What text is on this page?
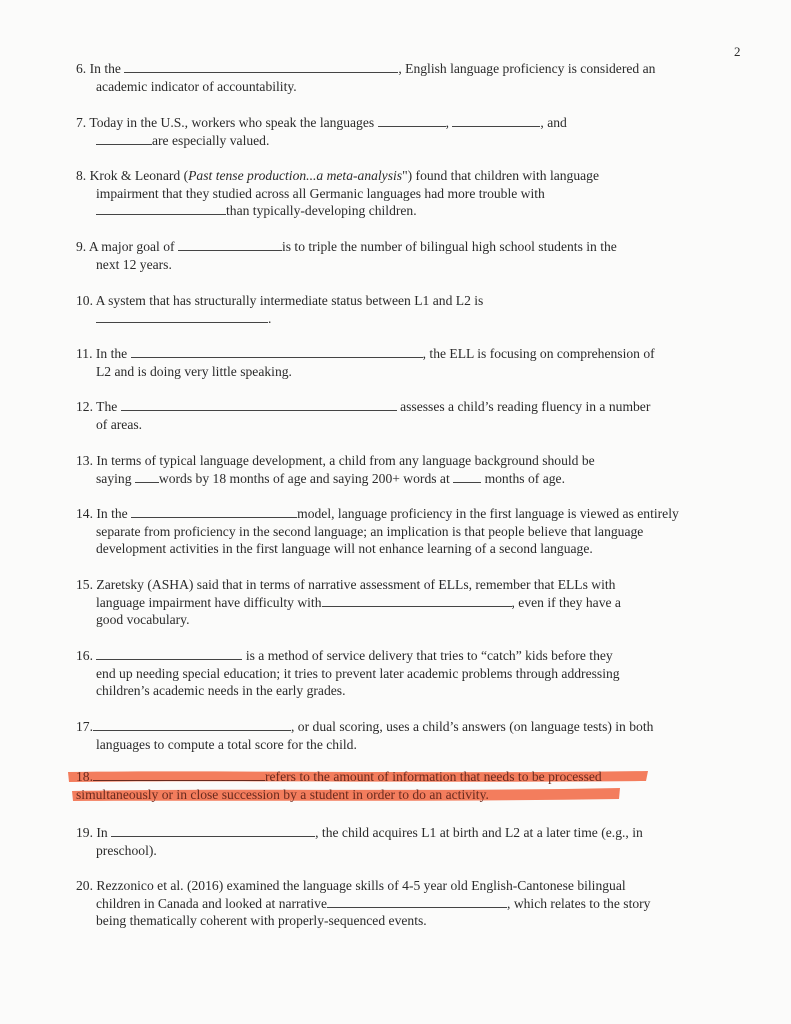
2
6. In the	, English language proficiency is considered an
academic indicator of accountability.
7. Today in the U.S., workers who speak the languages	,	, and
are especially valued.
8. Krok & Leonard (Past tense production...a meta-analysis") found that children with language
impairment that they studied across all Germanic languages had more trouble with
than typically-developing children.
9. A major goal of	is to triple the number of bilingual high school students in the
next 12 years.
10. A system that has structurally intermediate status between L1 and L2 is
.
11. In the	, the ELL is focusing on comprehension of
L2 and is doing very little speaking.
12. The	assesses a child’s reading fluency in a number
of areas.
13. In terms of typical language development, a child from any language background should be
saying words by 18 months of age and saying 200+ words at	months of age.
14. In the	model, language proficiency in the first language is viewed as entirely
separate from proficiency in the second language; an implication is that people believe that language
development activities in the first language will not enhance learning of a second language.
15. Zaretsky (ASHA) said that in terms of narrative assessment of ELLs, remember that ELLs with
language impairment have difficulty with	, even if they have a
good vocabulary.
16.	is a method of service delivery that tries to “catch” kids before they
end up needing special education; it tries to prevent later academic problems through addressing
children’s academic needs in the early grades.
17.	, or dual scoring, uses a child’s answers (on language tests) in both
languages to compute a total score for the child.
18.	refers to the amount of information that needs to be processed
simultaneously or in close succession by a student in order to do an activity.
19. In	, the child acquires L1 at birth and L2 at a later time (e.g., in
preschool).
20. Rezzonico et al. (2016) examined the language skills of 4-5 year old English-Cantonese bilingual
children in Canada and looked at narrative	, which relates to the story
being thematically coherent with properly-sequenced events.
